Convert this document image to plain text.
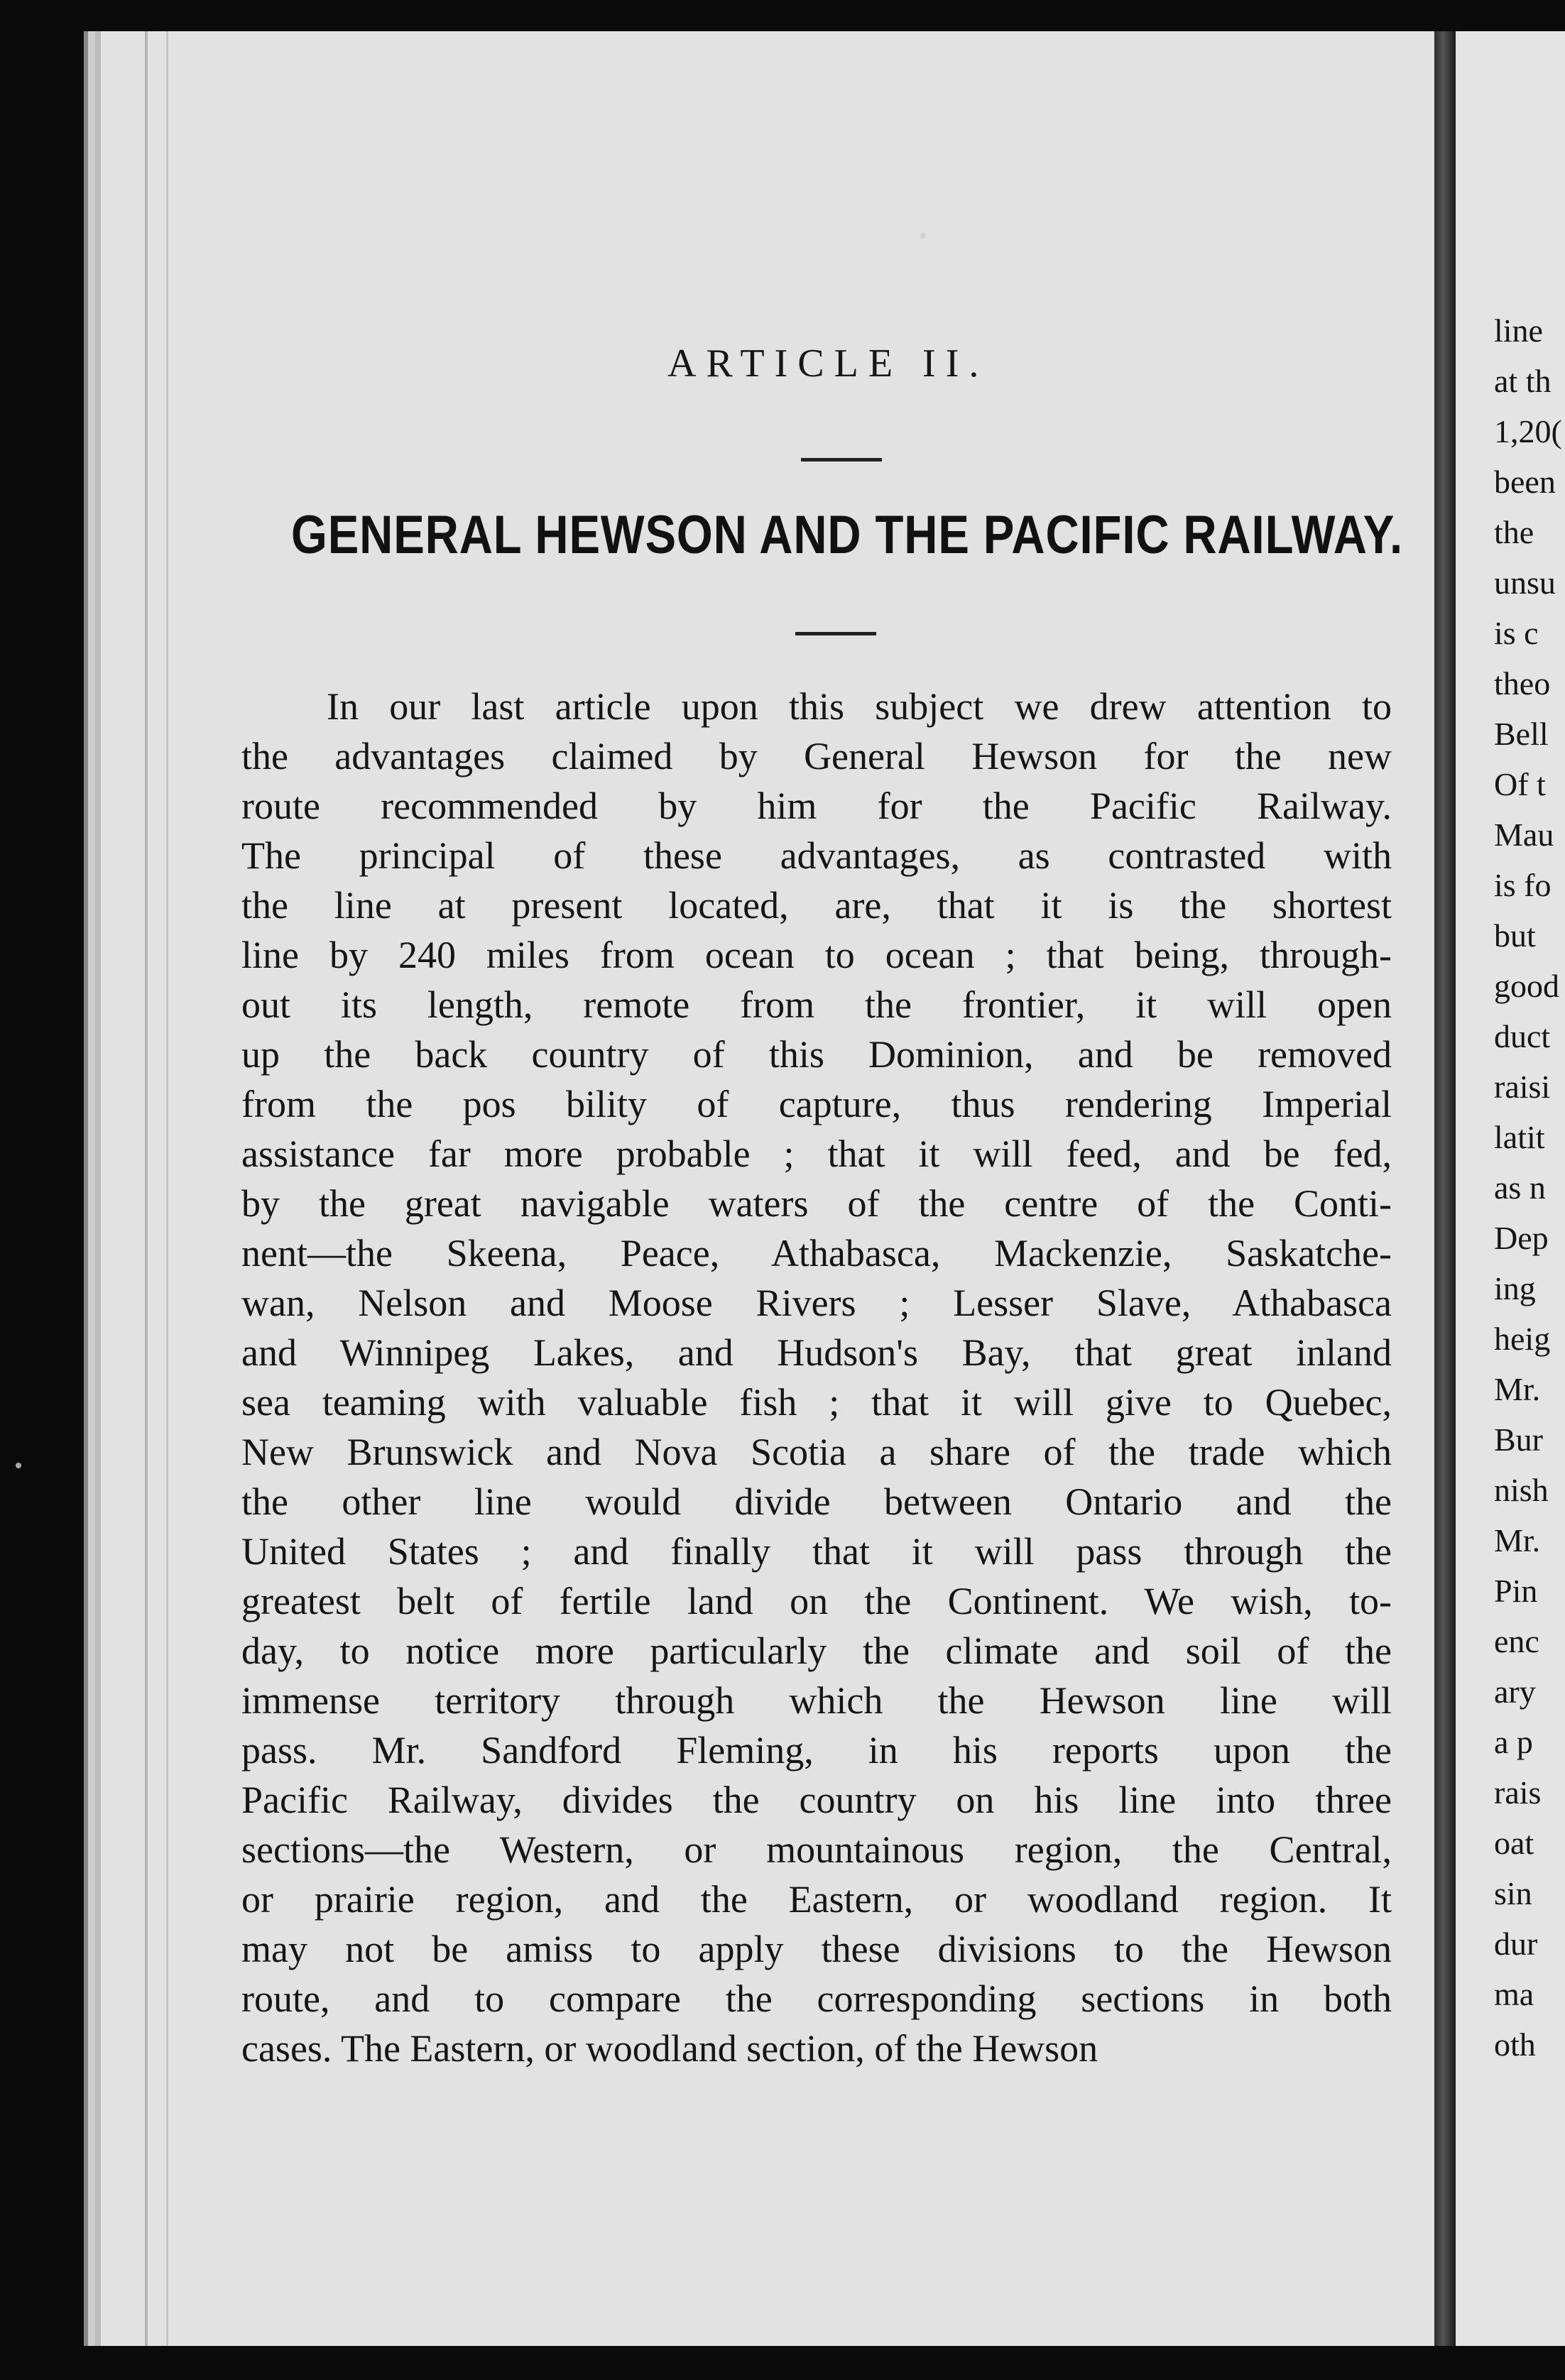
ARTICLE II.
GENERAL HEWSON AND THE PACIFIC RAILWAY.
In our last article upon this subject we drew attention to
the advantages claimed by General Hewson for the new
route recommended by him for the Pacific Railway.
The principal of these advantages, as contrasted with
the line at present located, are, that it is the shortest
line by 240 miles from ocean to ocean ; that being, through-
out its length, remote from the frontier, it will open
up the back country of this Dominion, and be removed
from the pos bility of capture, thus rendering Imperial
assistance far more probable ; that it will feed, and be fed,
by the great navigable waters of the centre of the Conti-
nent—the Skeena, Peace, Athabasca, Mackenzie, Saskatche-
wan, Nelson and Moose Rivers ; Lesser Slave, Athabasca
and Winnipeg Lakes, and Hudson's Bay, that great inland
sea teaming with valuable fish ; that it will give to Quebec,
New Brunswick and Nova Scotia a share of the trade which
the other line would divide between Ontario and the
United States ; and finally that it will pass through the
greatest belt of fertile land on the Continent. We wish, to-
day, to notice more particularly the climate and soil of the
immense territory through which the Hewson line will
pass. Mr. Sandford Fleming, in his reports upon the
Pacific Railway, divides the country on his line into three
sections—the Western, or mountainous region, the Central,
or prairie region, and the Eastern, or woodland region. It
may not be amiss to apply these divisions to the Hewson
route, and to compare the corresponding sections in both
cases. The Eastern, or woodland section, of the Hewson
line
at th
1,20(
been
the
unsu
is c
theo
Bell
Of t
Mau
is fo
but
good
duct
raisi
latit
as n
Dep
ing
heig
Mr.
Bur
nish
Mr.
Pin
enc
ary
a p
rais
oat
sin
dur
ma
oth
